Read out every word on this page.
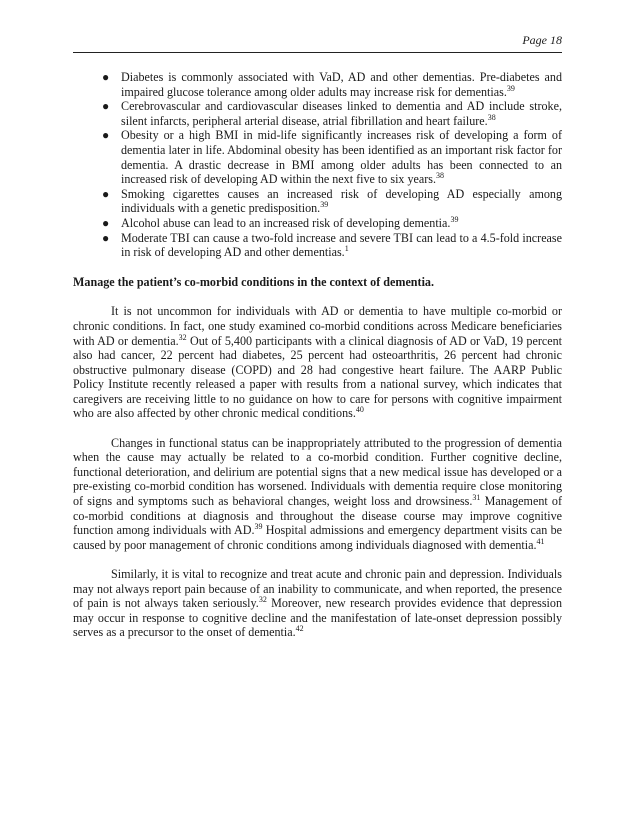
Page 18
● Diabetes is commonly associated with VaD, AD and other dementias. Pre-diabetes and impaired glucose tolerance among older adults may increase risk for dementias.$^{39}$
● Cerebrovascular and cardiovascular diseases linked to dementia and AD include stroke, silent infarcts, peripheral arterial disease, atrial fibrillation and heart failure.$^{38}$
● Obesity or a high BMI in mid-life significantly increases risk of developing a form of dementia later in life. Abdominal obesity has been identified as an important risk factor for dementia. A drastic decrease in BMI among older adults has been connected to an increased risk of developing AD within the next five to six years.$^{38}$
● Smoking cigarettes causes an increased risk of developing AD especially among individuals with a genetic predisposition.$^{39}$
● Alcohol abuse can lead to an increased risk of developing dementia.$^{39}$
● Moderate TBI can cause a two-fold increase and severe TBI can lead to a 4.5-fold increase in risk of developing AD and other dementias.$^1$
Manage the patient’s co-morbid conditions in the context of dementia.

It is not uncommon for individuals with AD or dementia to have multiple co-morbid or chronic conditions. In fact, one study examined co-morbid conditions across Medicare beneficiaries with AD or dementia.$^{32}$ Out of 5,400 participants with a clinical diagnosis of AD or VaD, 19 percent also had cancer, 22 percent had diabetes, 25 percent had osteoarthritis, 26 percent had chronic obstructive pulmonary disease (COPD) and 28 had congestive heart failure. The AARP Public Policy Institute recently released a paper with results from a national survey, which indicates that caregivers are receiving little to no guidance on how to care for persons with cognitive impairment who are also affected by other chronic medical conditions.$^{40}$

Changes in functional status can be inappropriately attributed to the progression of dementia when the cause may actually be related to a co-morbid condition. Further cognitive decline, functional deterioration, and delirium are potential signs that a new medical issue has developed or a pre-existing co-morbid condition has worsened. Individuals with dementia require close monitoring of signs and symptoms such as behavioral changes, weight loss and drowsiness.$^{31}$ Management of co-morbid conditions at diagnosis and throughout the disease course may improve cognitive function among individuals with AD.$^{39}$ Hospital admissions and emergency department visits can be caused by poor management of chronic conditions among individuals diagnosed with dementia.$^{41}$

Similarly, it is vital to recognize and treat acute and chronic pain and depression. Individuals may not always report pain because of an inability to communicate, and when reported, the presence of pain is not always taken seriously.$^{32}$ Moreover, new research provides evidence that depression may occur in response to cognitive decline and the manifestation of late-onset depression possibly serves as a precursor to the onset of dementia.$^{42}$
